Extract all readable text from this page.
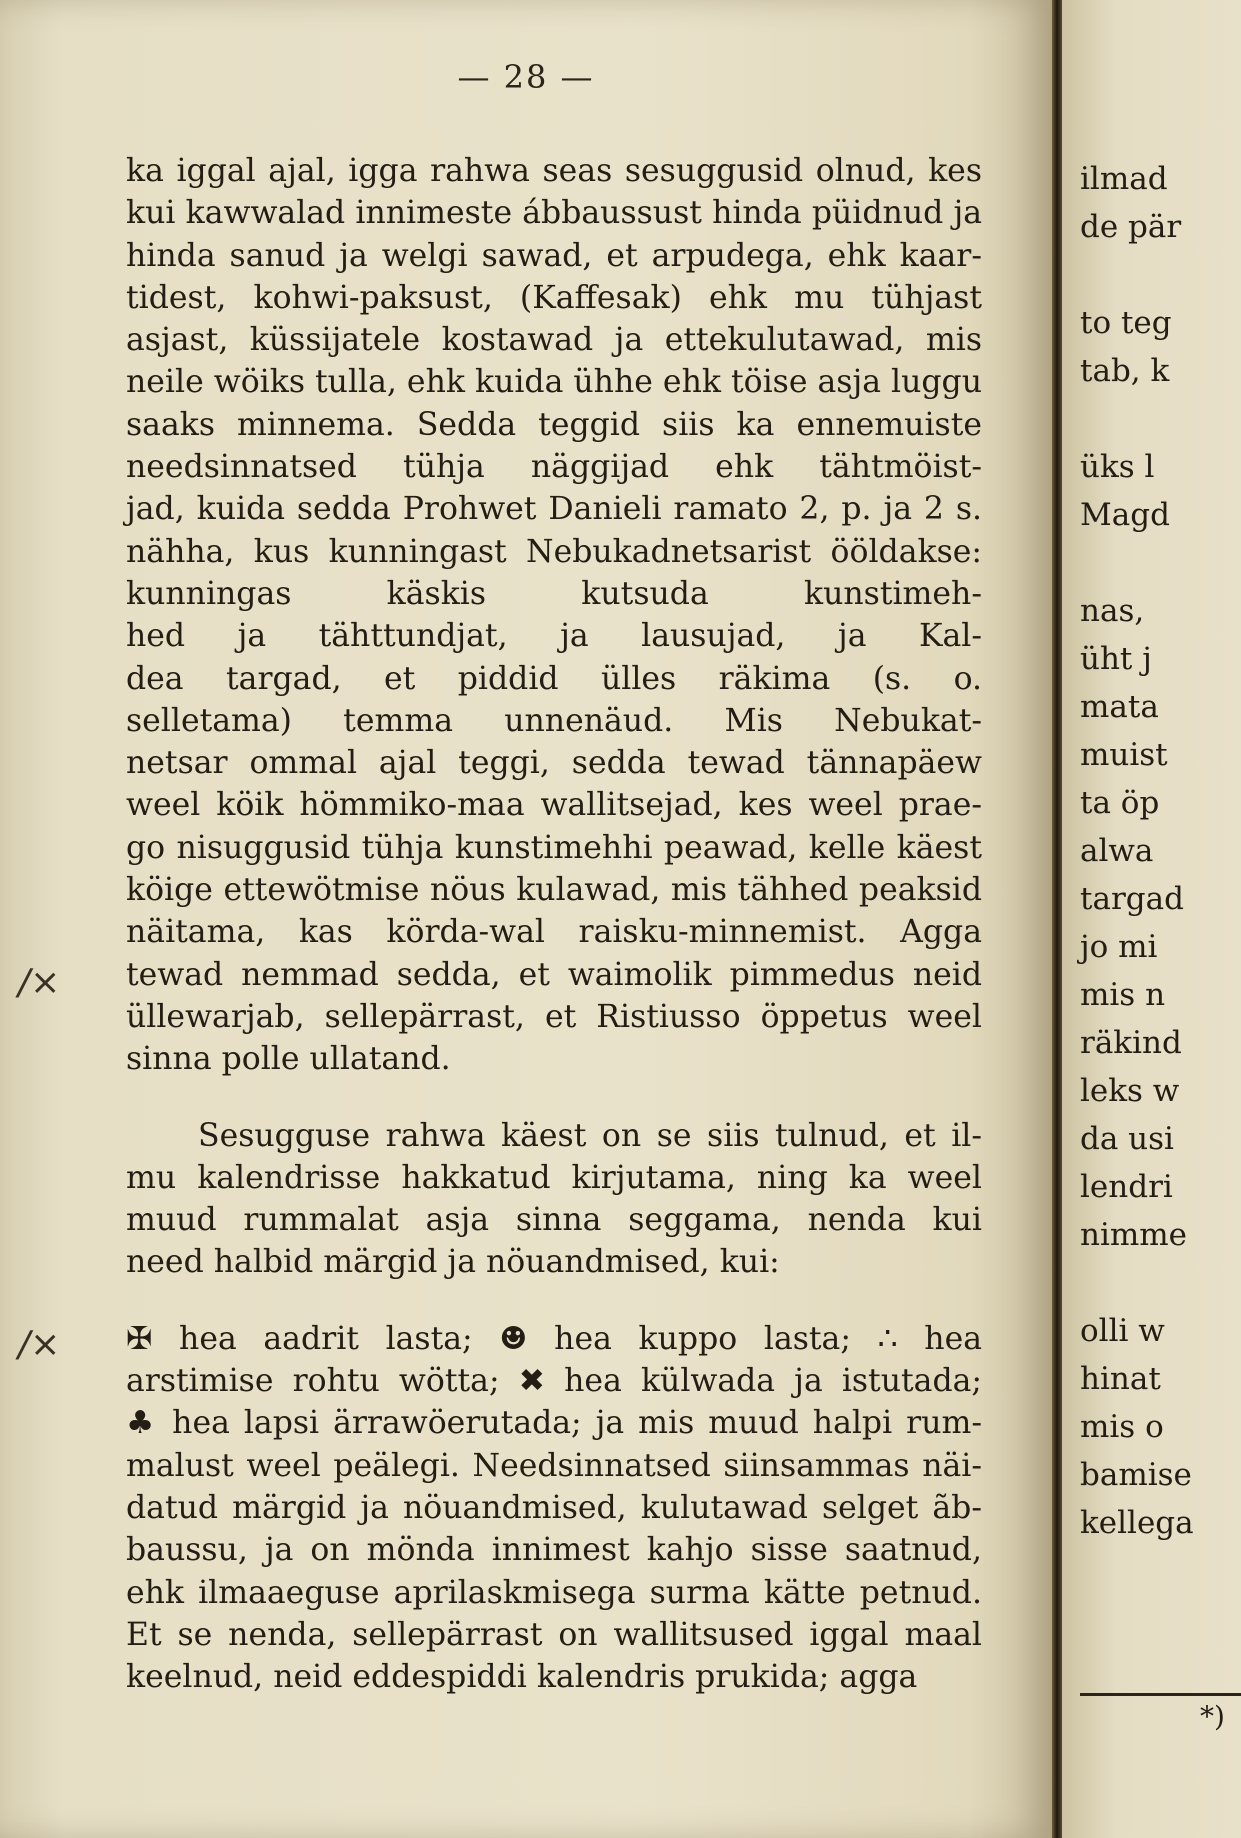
— 28 —
ka iggal ajal, igga rahwa seas sesuggusid olnud, kes
kui kawwalad innimeste ábbaussust hinda püidnud ja
hinda sanud ja welgi sawad, et arpudega, ehk kaar-
tidest, kohwi-paksust, (Kaffesak) ehk mu tühjast
asjast, küssijatele kostawad ja ettekulutawad, mis
neile wöiks tulla, ehk kuida ühhe ehk töise asja luggu
saaks minnema. Sedda teggid siis ka ennemuiste
needsinnatsed tühja näggijad ehk tähtmöist-
jad, kuida sedda Prohwet Danieli ramato 2, p. ja 2 s.
nähha, kus kunningast Nebukadnetsarist ööldakse:
kunningas käskis kutsuda kunstimeh-
hed ja tähttundjat, ja lausujad, ja Kal-
dea targad, et piddid ülles räkima (s. o.
selletama) temma unnenäud. Mis Nebukat-
netsar ommal ajal teggi, sedda tewad tännapäew
weel köik hömmiko-maa wallitsejad, kes weel prae-
go nisuggusid tühja kunstimehhi peawad, kelle käest
köige ettewötmise nöus kulawad, mis tähhed peaksid
näitama, kas körda-wal raisku-minnemist. Agga
tewad nemmad sedda, et waimolik pimmedus neid
üllewarjab, sellepärrast, et Ristiusso öppetus weel
sinna polle ullatand.
Sesugguse rahwa käest on se siis tulnud, et il-
mu kalendrisse hakkatud kirjutama, ning ka weel
muud rummalat asja sinna seggama, nenda kui
need halbid märgid ja nöuandmised, kui:
✠ hea aadrit lasta; ☻ hea kuppo lasta; ∴ hea
arstimise rohtu wötta; ✖ hea külwada ja istutada;
♣ hea lapsi ärrawöerutada; ja mis muud halpi rum-
malust weel peälegi. Needsinnatsed siinsammas näi-
datud märgid ja nöuandmised, kulutawad selget ãb-
baussu, ja on mönda innimest kahjo sisse saatnud,
ehk ilmaaeguse aprilaskmisega surma kätte petnud.
Et se nenda, sellepärrast on wallitsused iggal maal
keelnud, neid eddespiddi kalendris prukida; agga
/×
/×
ilmad
de pär

to teg
tab, k

üks l
Magd

nas,
üht j
mata
muist
ta öp
alwa
targad
jo mi
mis n
räkind
leks w
da usi
lendri
nimme

olli w
hinat
mis o
bamise
kellega
*)
